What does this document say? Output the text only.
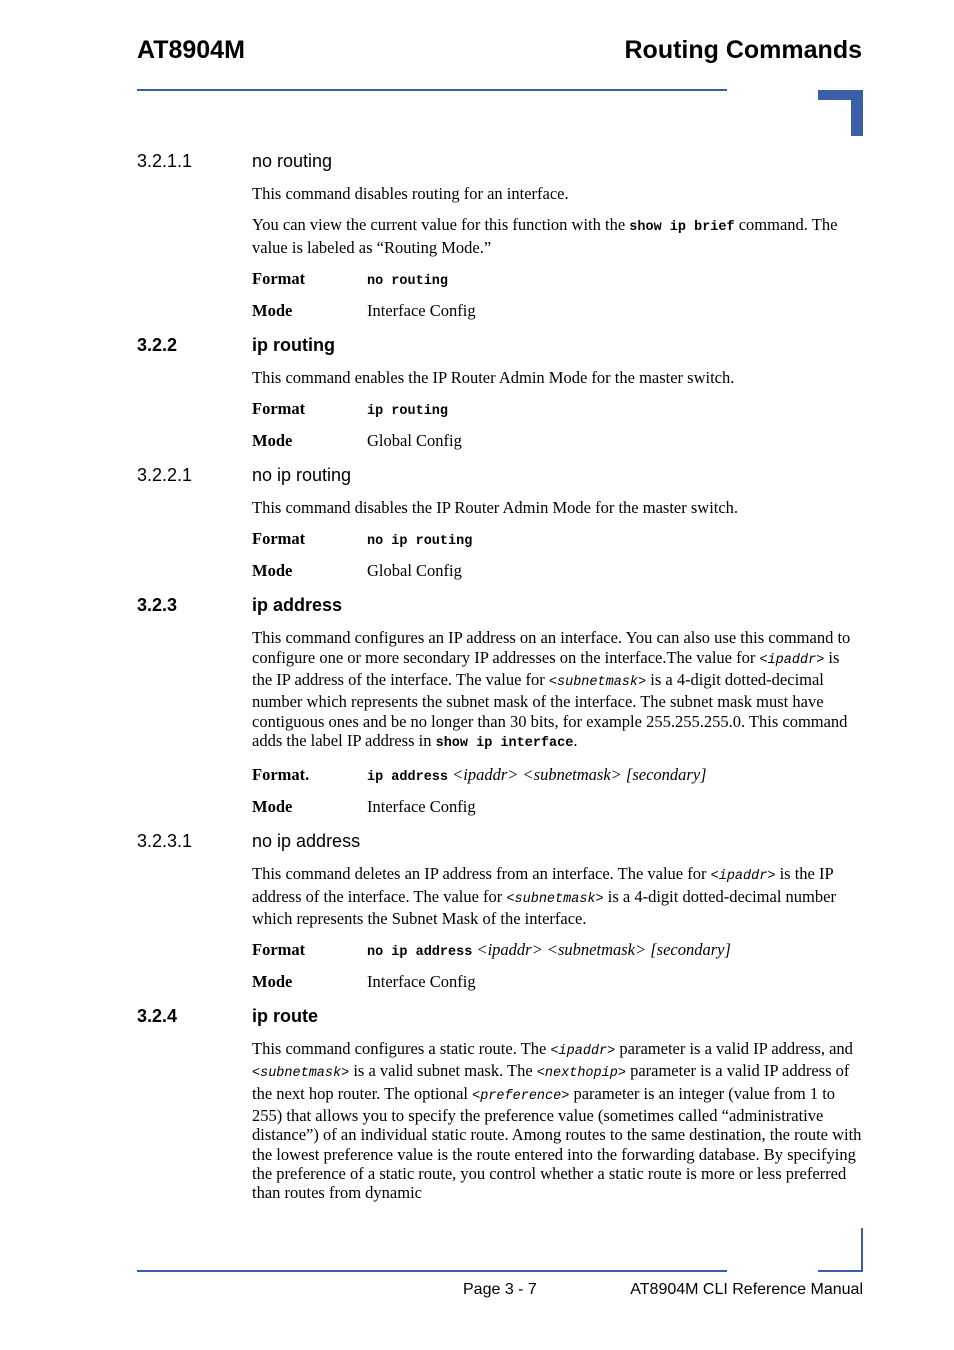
AT8904M	Routing Commands
3.2.1.1	no routing

This command disables routing for an interface.

You can view the current value for this function with the show ip brief command. The value is labeled as “Routing Mode.”

Format	no routing
Mode	Interface Config
3.2.2	ip routing

This command enables the IP Router Admin Mode for the master switch.

Format	ip routing
Mode	Global Config
3.2.2.1	no ip routing

This command disables the IP Router Admin Mode for the master switch.

Format	no ip routing
Mode	Global Config
3.2.3	ip address

This command configures an IP address on an interface. You can also use this command to configure one or more secondary IP addresses on the interface.The value for <ipaddr> is the IP address of the interface. The value for <subnetmask> is a 4-digit dotted-decimal number which represents the subnet mask of the interface. The subnet mask must have contiguous ones and be no longer than 30 bits, for example 255.255.255.0. This command adds the label IP address in show ip interface.

Format.	ip address <ipaddr> <subnetmask> [secondary]
Mode	Interface Config
3.2.3.1	no ip address

This command deletes an IP address from an interface. The value for <ipaddr> is the IP address of the interface. The value for <subnetmask> is a 4-digit dotted-decimal number which represents the Subnet Mask of the interface.

Format	no ip address <ipaddr> <subnetmask> [secondary]
Mode	Interface Config
3.2.4	ip route

This command configures a static route. The <ipaddr> parameter is a valid IP address, and <subnetmask> is a valid subnet mask. The <nexthopip> parameter is a valid IP address of the next hop router. The optional <preference> parameter is an integer (value from 1 to 255) that allows you to specify the preference value (sometimes called “administrative distance”) of an individual static route. Among routes to the same destination, the route with the lowest preference value is the route entered into the forwarding database. By specifying the preference of a static route, you control whether a static route is more or less preferred than routes from dynamic

Page 3 - 7	AT8904M CLI Reference Manual
